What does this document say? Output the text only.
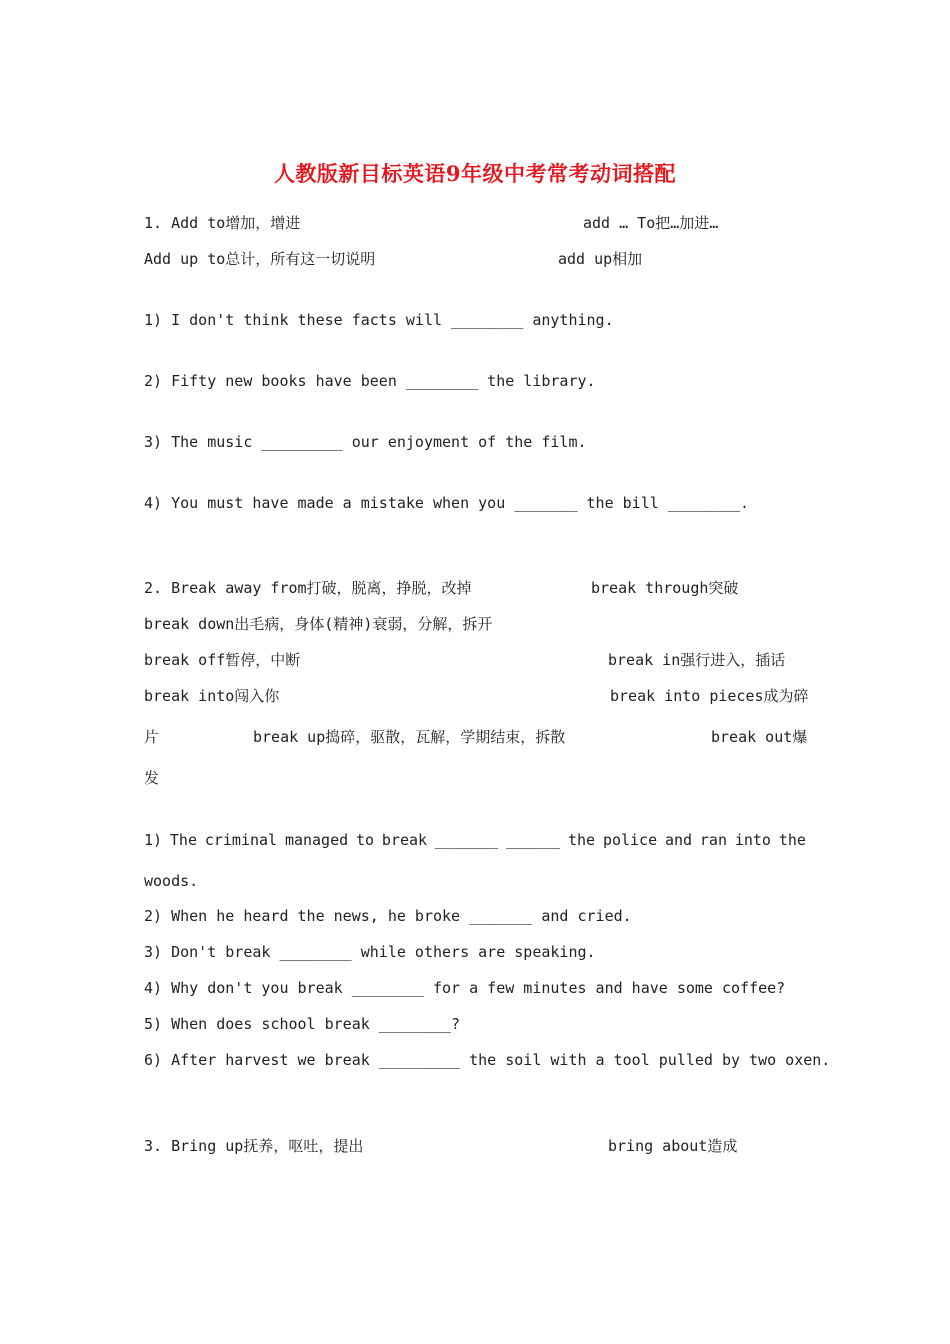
人教版新目标英语9年级中考常考动词搭配
1. Add to增加，增进	add … To把…加进…
Add up to总计，所有这一切说明	add up相加
1) I don't think these facts will ________ anything.
2) Fifty new books have been ________ the library.
3) The music _________ our enjoyment of the film.
4) You must have made a mistake when you _______ the bill ________.
2. Break away from打破，脱离，挣脱，改掉	break through突破
break down出毛病，身体(精神)衰弱，分解，拆开
break off暂停，中断	break in强行进入，插话
break into闯入你	break into pieces成为碎
片	break up捣碎，驱散，瓦解，学期结束，拆散	break out爆
发
1) The criminal managed to break _______ ______ the police and ran into the
woods.
2) When he heard the news, he broke _______ and cried.
3) Don't break ________ while others are speaking.
4) Why don't you break ________ for a few minutes and have some coffee?
5) When does school break ________?
6) After harvest we break _________ the soil with a tool pulled by two oxen.
3. Bring up抚养，呕吐，提出	bring about造成
